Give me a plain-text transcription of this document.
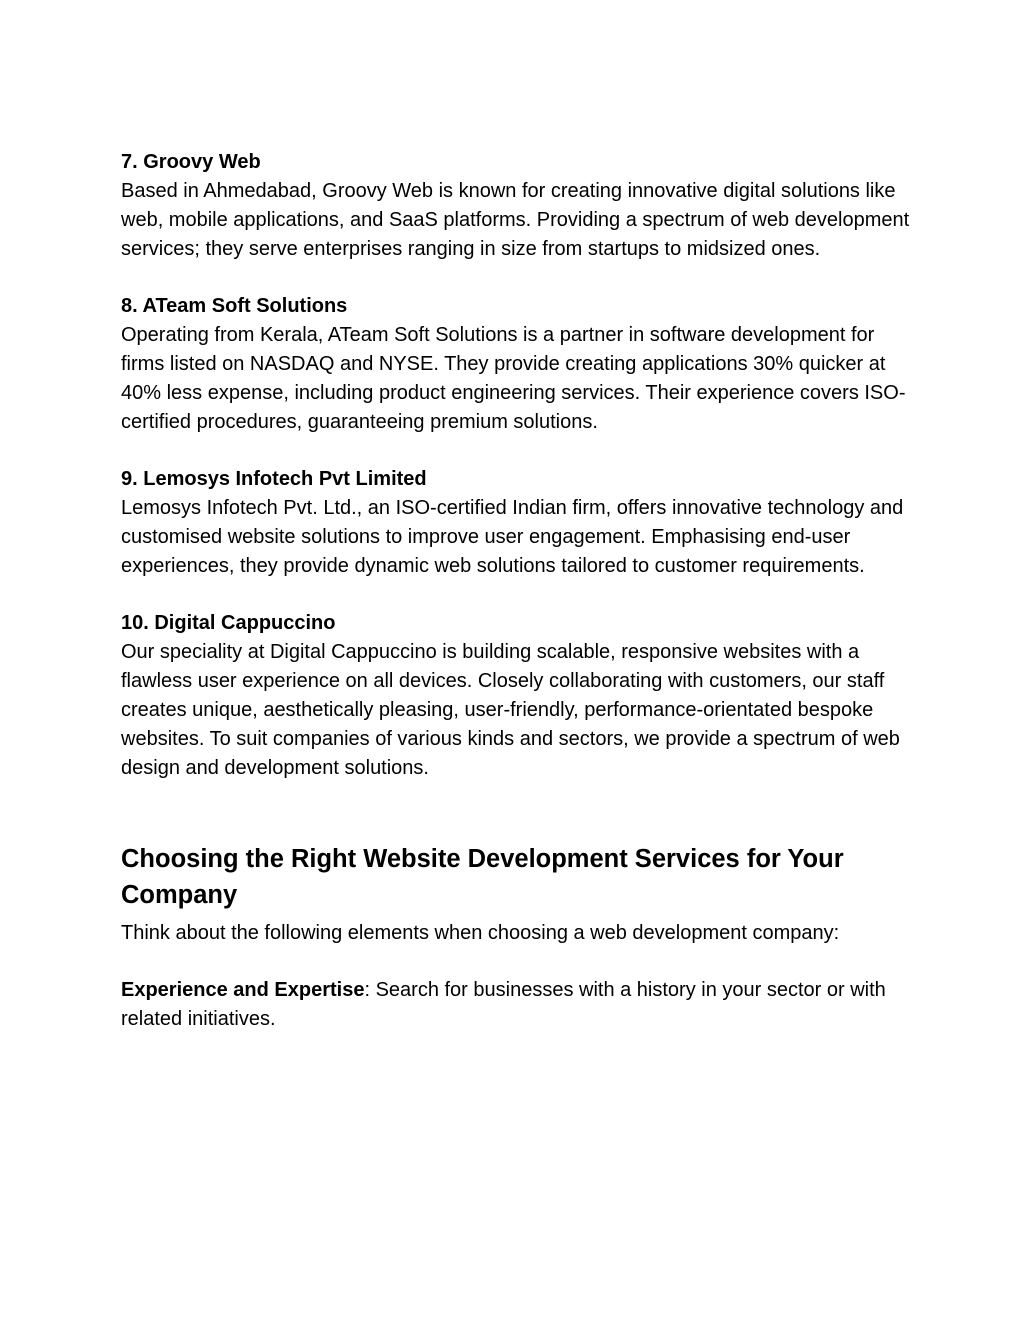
7. Groovy Web

Based in Ahmedabad, Groovy Web is known for creating innovative digital solutions like web, mobile applications, and SaaS platforms. Providing a spectrum of web development services; they serve enterprises ranging in size from startups to midsized ones.

8. ATeam Soft Solutions

Operating from Kerala, ATeam Soft Solutions is a partner in software development for firms listed on NASDAQ and NYSE. They provide creating applications 30% quicker at 40% less expense, including product engineering services. Their experience covers ISO-certified procedures, guaranteeing premium solutions.

9. Lemosys Infotech Pvt Limited

Lemosys Infotech Pvt. Ltd., an ISO-certified Indian firm, offers innovative technology and customised website solutions to improve user engagement. Emphasising end-user experiences, they provide dynamic web solutions tailored to customer requirements.

10. Digital Cappuccino

Our speciality at Digital Cappuccino is building scalable, responsive websites with a flawless user experience on all devices. Closely collaborating with customers, our staff creates unique, aesthetically pleasing, user-friendly, performance-orientated bespoke websites. To suit companies of various kinds and sectors, we provide a spectrum of web design and development solutions.

Choosing the Right Website Development Services for Your Company

Think about the following elements when choosing a web development company:

Experience and Expertise: Search for businesses with a history in your sector or with related initiatives.
